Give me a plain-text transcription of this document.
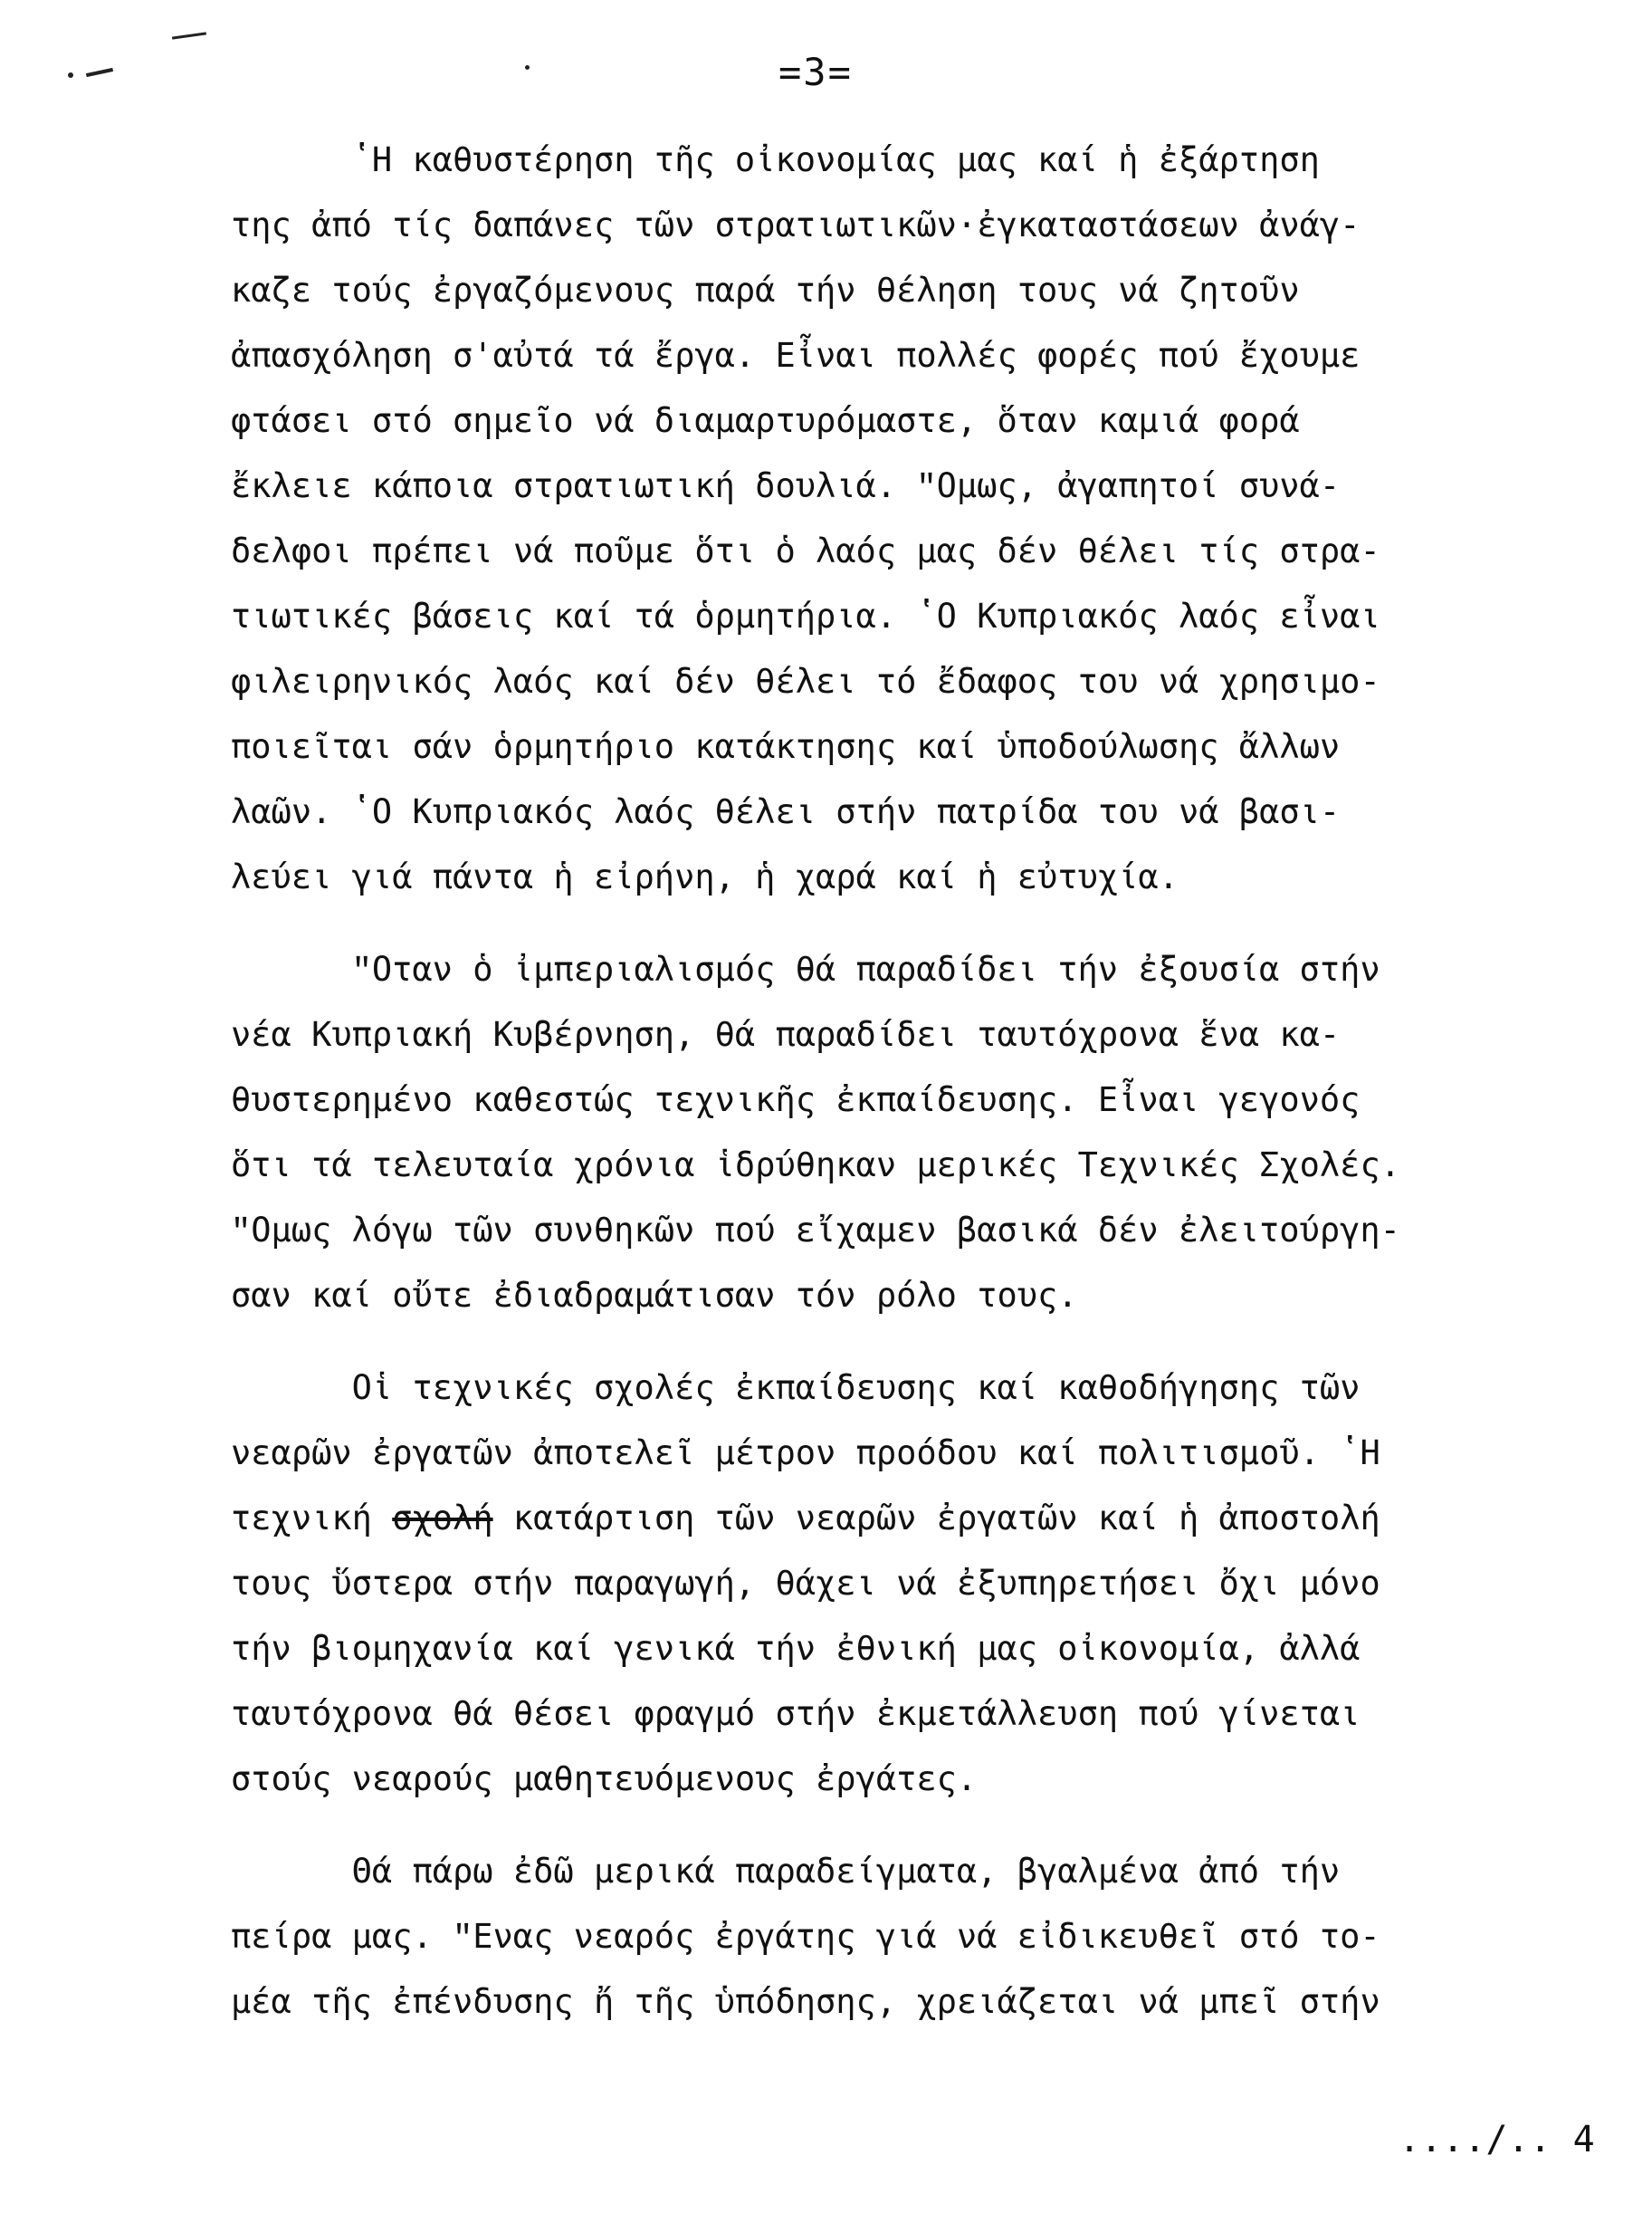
=3=
ʽΗ καθυστέρηση τῆς οἰκονομίας μας καί ἡ ἐξάρτηση
της ἀπό τίς δαπάνες τῶν στρατιωτικῶν·ἐγκαταστάσεων ἀνάγ-
καζε τούς ἐργαζόμενους παρά τήν θέληση τους νά ζητοῦν
ἀπασχόληση σ'αὐτά τά ἔργα. Εἶναι πολλές φορές πού ἔχουμε
φτάσει στό σημεῖο νά διαμαρτυρόμαστε, ὅταν καμιά φορά
ἔκλειε κάποια στρατιωτική δουλιά. ʺΟμως, ἀγαπητοί συνά-
δελφοι πρέπει νά ποῦμε ὅτι ὁ λαός μας δέν θέλει τίς στρα-
τιωτικές βάσεις καί τά ὁρμητήρια. ʽΟ Κυπριακός λαός εἶναι
φιλειρηνικός λαός καί δέν θέλει τό ἔδαφος του νά χρησιμο-
ποιεῖται σάν ὁρμητήριο κατάκτησης καί ὑποδούλωσης ἄλλων
λαῶν. ʽΟ Κυπριακός λαός θέλει στήν πατρίδα του νά βασι-
λεύει γιά πάντα ἡ εἰρήνη, ἡ χαρά καί ἡ εὐτυχία.
ʺΟταν ὁ ἰμπεριαλισμός θά παραδίδει τήν ἐξουσία στήν
νέα Κυπριακή Κυβέρνηση, θά παραδίδει ταυτόχρονα ἕνα κα-
θυστερημένο καθεστώς τεχνικῆς ἐκπαίδευσης. Εἶναι γεγονός
ὅτι τά τελευταία χρόνια ἱδρύθηκαν μερικές Τεχνικές Σχολές.
ʺΟμως λόγω τῶν συνθηκῶν πού εἴχαμεν βασικά δέν ἐλειτούργη-
σαν καί οὔτε ἐδιαδραμάτισαν τόν ρόλο τους.
Οἱ τεχνικές σχολές ἐκπαίδευσης καί καθοδήγησης τῶν
νεαρῶν ἐργατῶν ἀποτελεῖ μέτρον προόδου καί πολιτισμοῦ. ʽΗ
τεχνική σχολή κατάρτιση τῶν νεαρῶν ἐργατῶν καί ἡ ἀποστολή
τους ὕστερα στήν παραγωγή, θάχει νά ἐξυπηρετήσει ὄχι μόνο
τήν βιομηχανία καί γενικά τήν ἐθνική μας οἰκονομία, ἀλλά
ταυτόχρονα θά θέσει φραγμό στήν ἐκμετάλλευση πού γίνεται
στούς νεαρούς μαθητευόμενους ἐργάτες.
Θά πάρω ἐδῶ μερικά παραδείγματα, βγαλμένα ἀπό τήν
πείρα μας. ʺΕνας νεαρός ἐργάτης γιά νά εἰδικευθεῖ στό το-
μέα τῆς ἐπένδυσης ἤ τῆς ὑπόδησης, χρειάζεται νά μπεῖ στήν
..../.. 4
